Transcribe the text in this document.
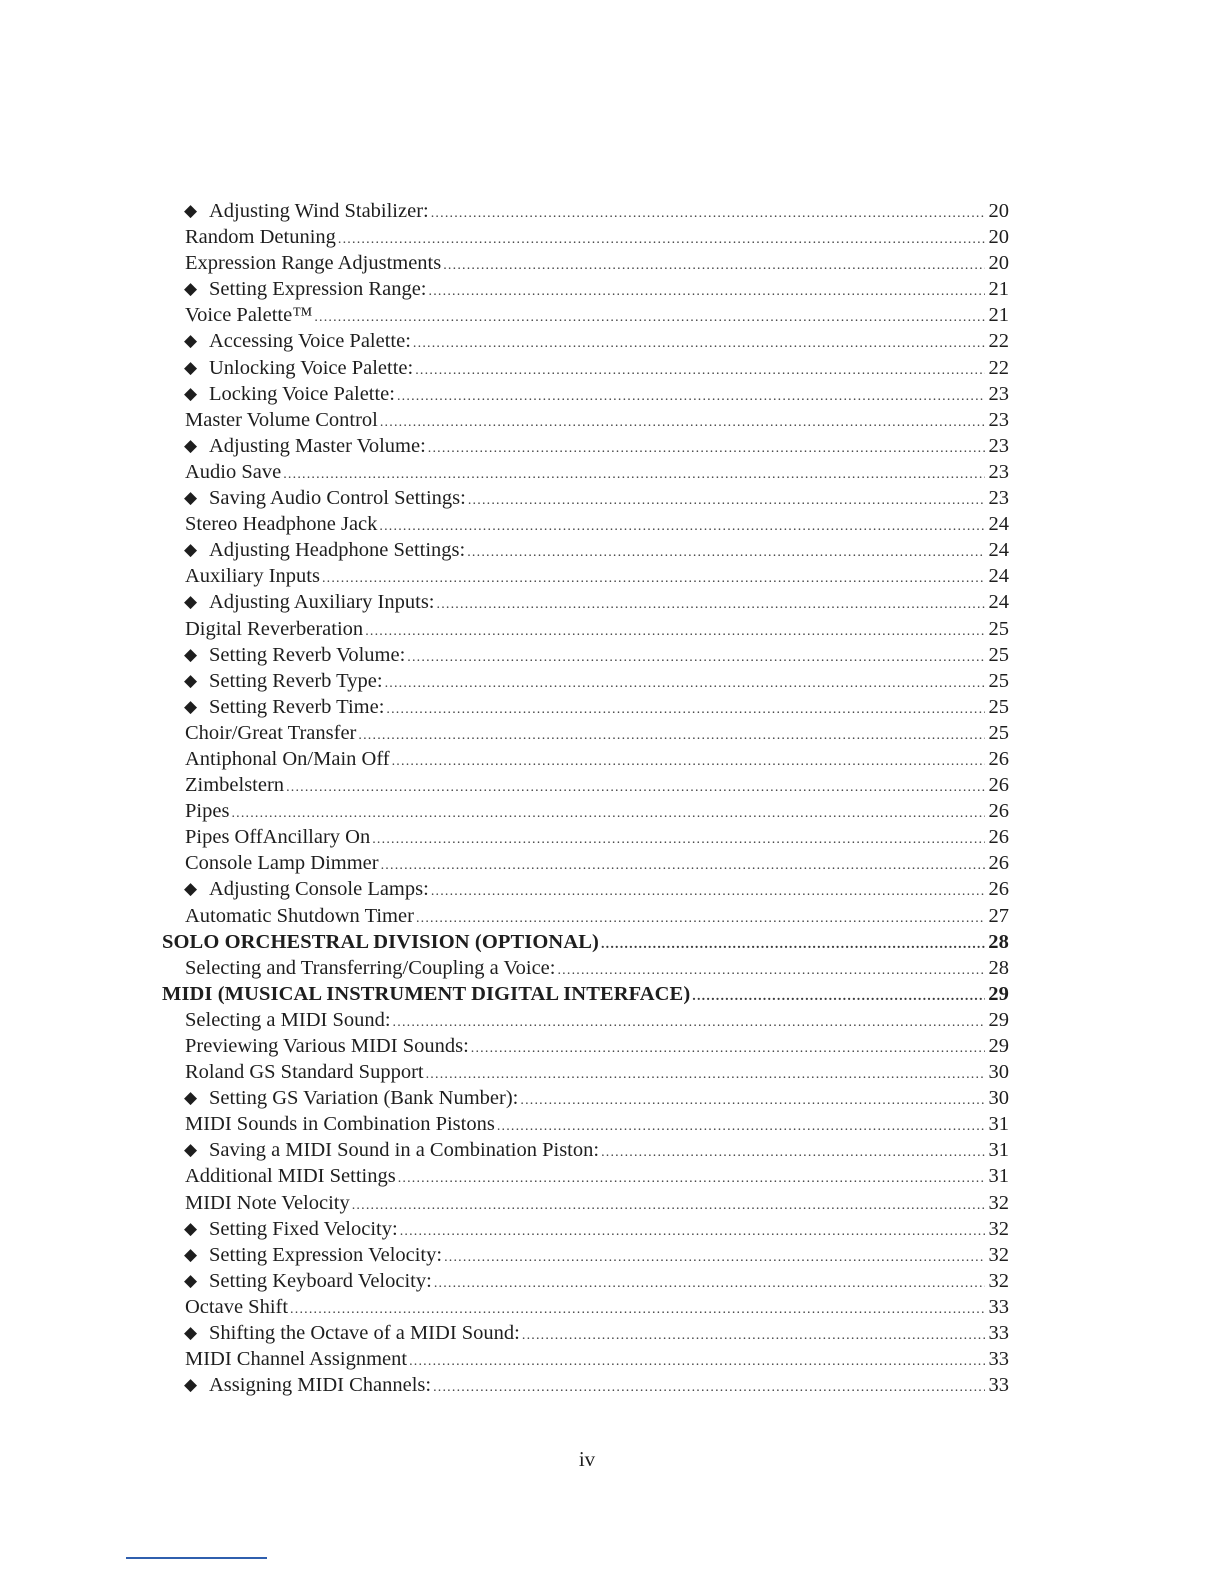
◆ Adjusting Wind Stabilizer: .....	20
Random Detuning .....	20
Expression Range Adjustments .....	20
◆ Setting Expression Range: .....	21
Voice Palette™ .....	21
◆ Accessing Voice Palette: .....	22
◆ Unlocking Voice Palette: .....	22
◆ Locking Voice Palette: .....	23
Master Volume Control .....	23
◆ Adjusting Master Volume: .....	23
Audio Save .....	23
◆ Saving Audio Control Settings: .....	23
Stereo Headphone Jack .....	24
◆ Adjusting Headphone Settings: .....	24
Auxiliary Inputs .....	24
◆ Adjusting Auxiliary Inputs: .....	24
Digital Reverberation .....	25
◆ Setting Reverb Volume: .....	25
◆ Setting Reverb Type: .....	25
◆ Setting Reverb Time: .....	25
Choir/Great Transfer .....	25
Antiphonal On/Main Off .....	26
Zimbelstern .....	26
Pipes .....	26
Pipes OffAncillary On .....	26
Console Lamp Dimmer .....	26
◆ Adjusting Console Lamps: .....	26
Automatic Shutdown Timer .....	27
SOLO ORCHESTRAL DIVISION (OPTIONAL) .....	28
Selecting and Transferring/Coupling a Voice: .....	28
MIDI (MUSICAL INSTRUMENT DIGITAL INTERFACE) .....	29
Selecting a MIDI Sound: .....	29
Previewing Various MIDI Sounds: .....	29
Roland GS Standard Support .....	30
◆ Setting GS Variation (Bank Number): .....	30
MIDI Sounds in Combination Pistons .....	31
◆ Saving a MIDI Sound in a Combination Piston: .....	31
Additional MIDI Settings .....	31
MIDI Note Velocity .....	32
◆ Setting Fixed Velocity: .....	32
◆ Setting Expression Velocity: .....	32
◆ Setting Keyboard Velocity: .....	32
Octave Shift .....	33
◆ Shifting the Octave of a MIDI Sound: .....	33
MIDI Channel Assignment .....	33
◆ Assigning MIDI Channels: .....	33
iv
